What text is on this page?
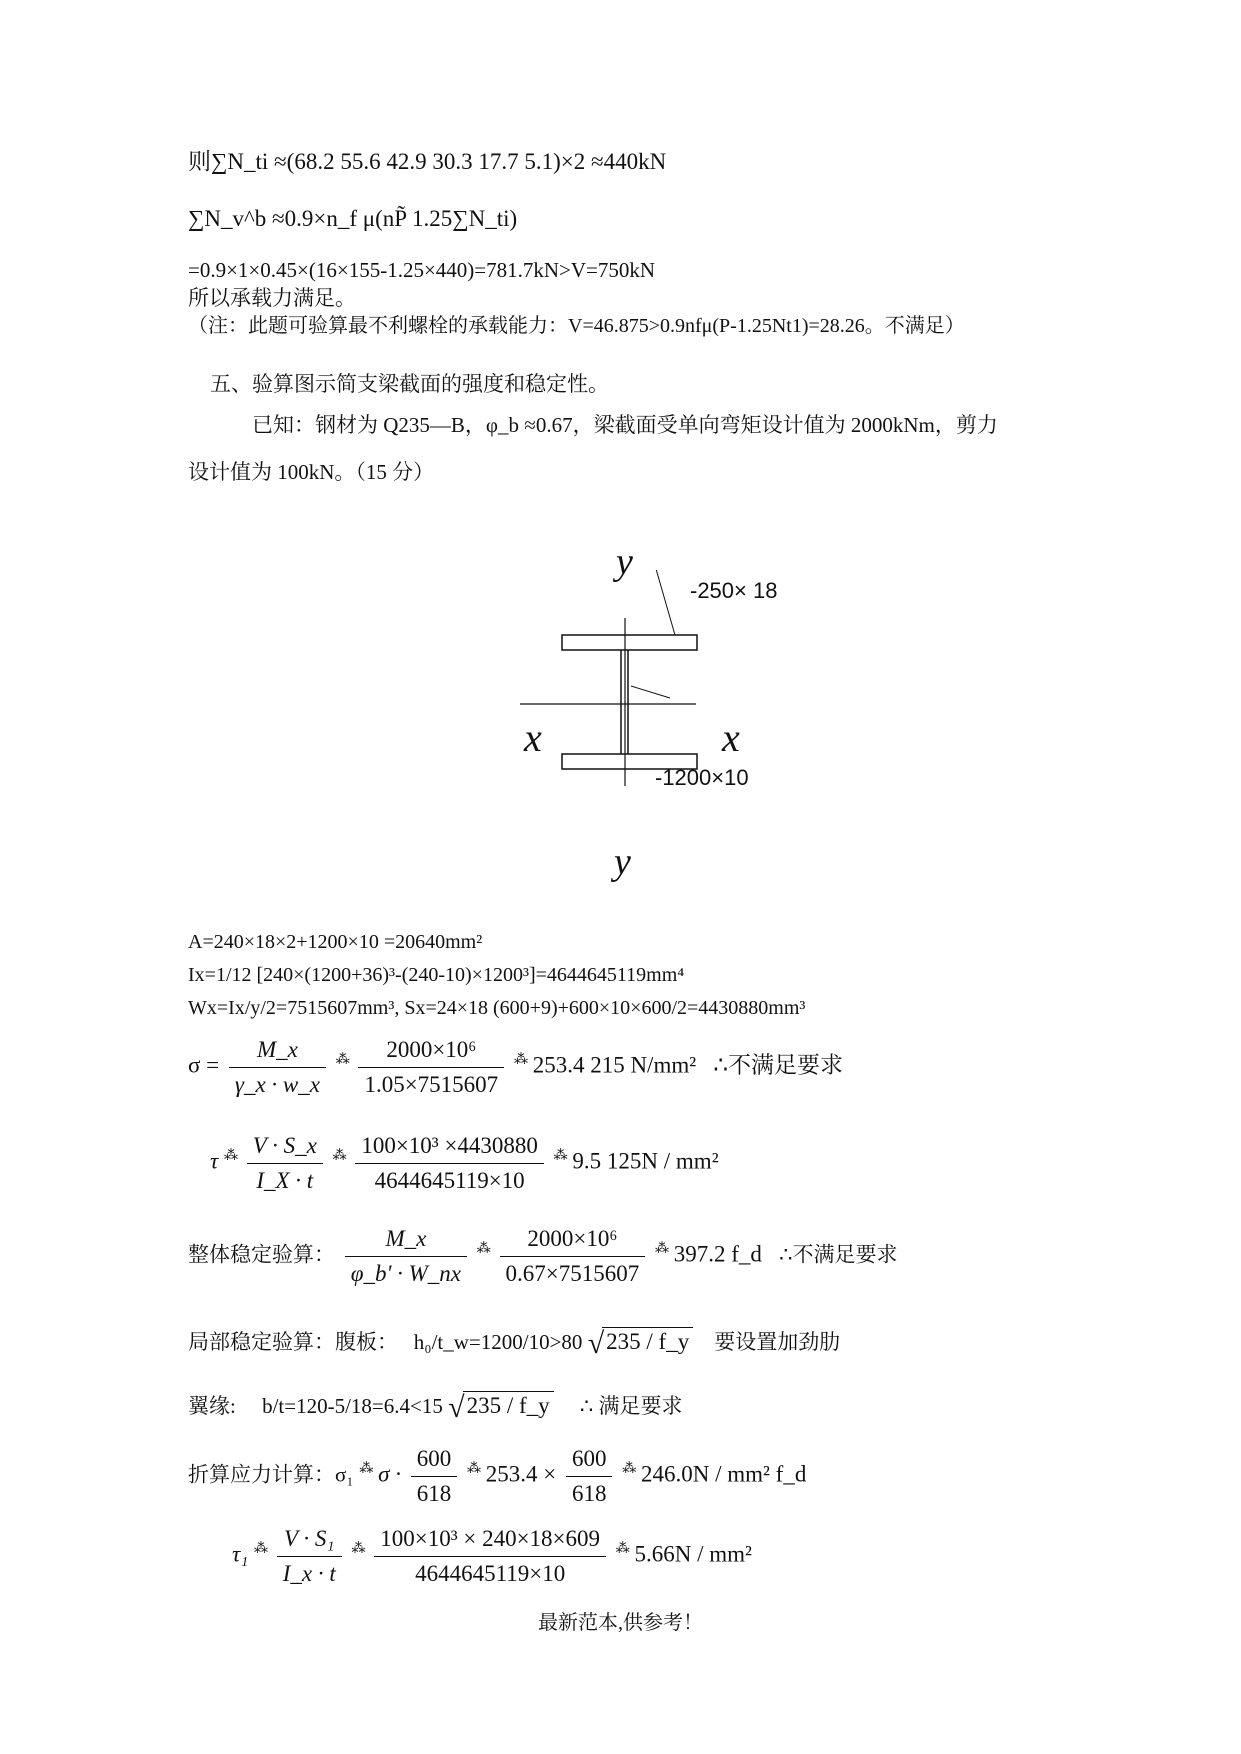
则∑N_ti ≈(68.2 55.6 42.9 30.3 17.7 5.1)×2 ≈440kN
∑N_v^b ≈0.9×n_f μ(nP̃ 1.25∑N_ti)
=0.9×1×0.45×(16×155-1.25×440)=781.7kN>V=750kN
所以承载力满足。
（注：此题可验算最不利螺栓的承载能力：V=46.875>0.9nfμ(P-1.25Nt1)=28.26。不满足）
五、验算图示简支梁截面的强度和稳定性。
已知：钢材为 Q235—B，φ_b ≈0.67，梁截面受单向弯矩设计值为 2000kNm，剪力
设计值为 100kN。（15 分）
y
y
x	x
-250× 18
-1200×10
A=240×18×2+1200×10 =20640mm²
Ix=1/12 [240×(1200+36)³-(240-10)×1200³]=4644645119mm⁴
Wx=Ix/y/2=7515607mm³, Sx=24×18 (600+9)+600×10×600/2=4430880mm³
$\sigma = \frac{M\_x}{\gamma\_x \cdot w\_x} ^⁂ \frac{\text{2000×10⁶}}{1.05\times 7515607} ^⁂$ 253.4 215 N/mm² ∴不满足要求
τ $^⁂ \frac{V \cdot S\_x}{I\_X \cdot t} ^⁂ \frac{\text{100×10³ ×4430880}}{4644645119\times 10} ^⁂$ 9.5 125N / mm²
整体稳定验算： $\frac{M\_x}{\varphi\_b' \cdot W\_nx} ^⁂ \frac{\text{2000×10⁶}}{0.67\times 7515607} ^⁂$ 397.2 f_d ∴不满足要求
局部稳定验算：腹板： h₀/t_w=1200/10>80 √235 / f_y 要设置加劲肋
翼缘: b/t=120-5/18=6.4<15 √235 / f_y ∴ 满足要求
折算应力计算：σ₁ ⁂ $\sigma \cdot \frac{600}{618} ^⁂$ $253.4 \times \frac{600}{618} ^⁂$ 246.0N / mm² f_d
τ₁ $^⁂ \frac{\text{V · S₁}}{I\_x \cdot t} ^⁂ \frac{\text{100×10³ × 240×18×609}}{4644645119\times 10} ^⁂$ 5.66N / mm²
最新范本,供参考！
